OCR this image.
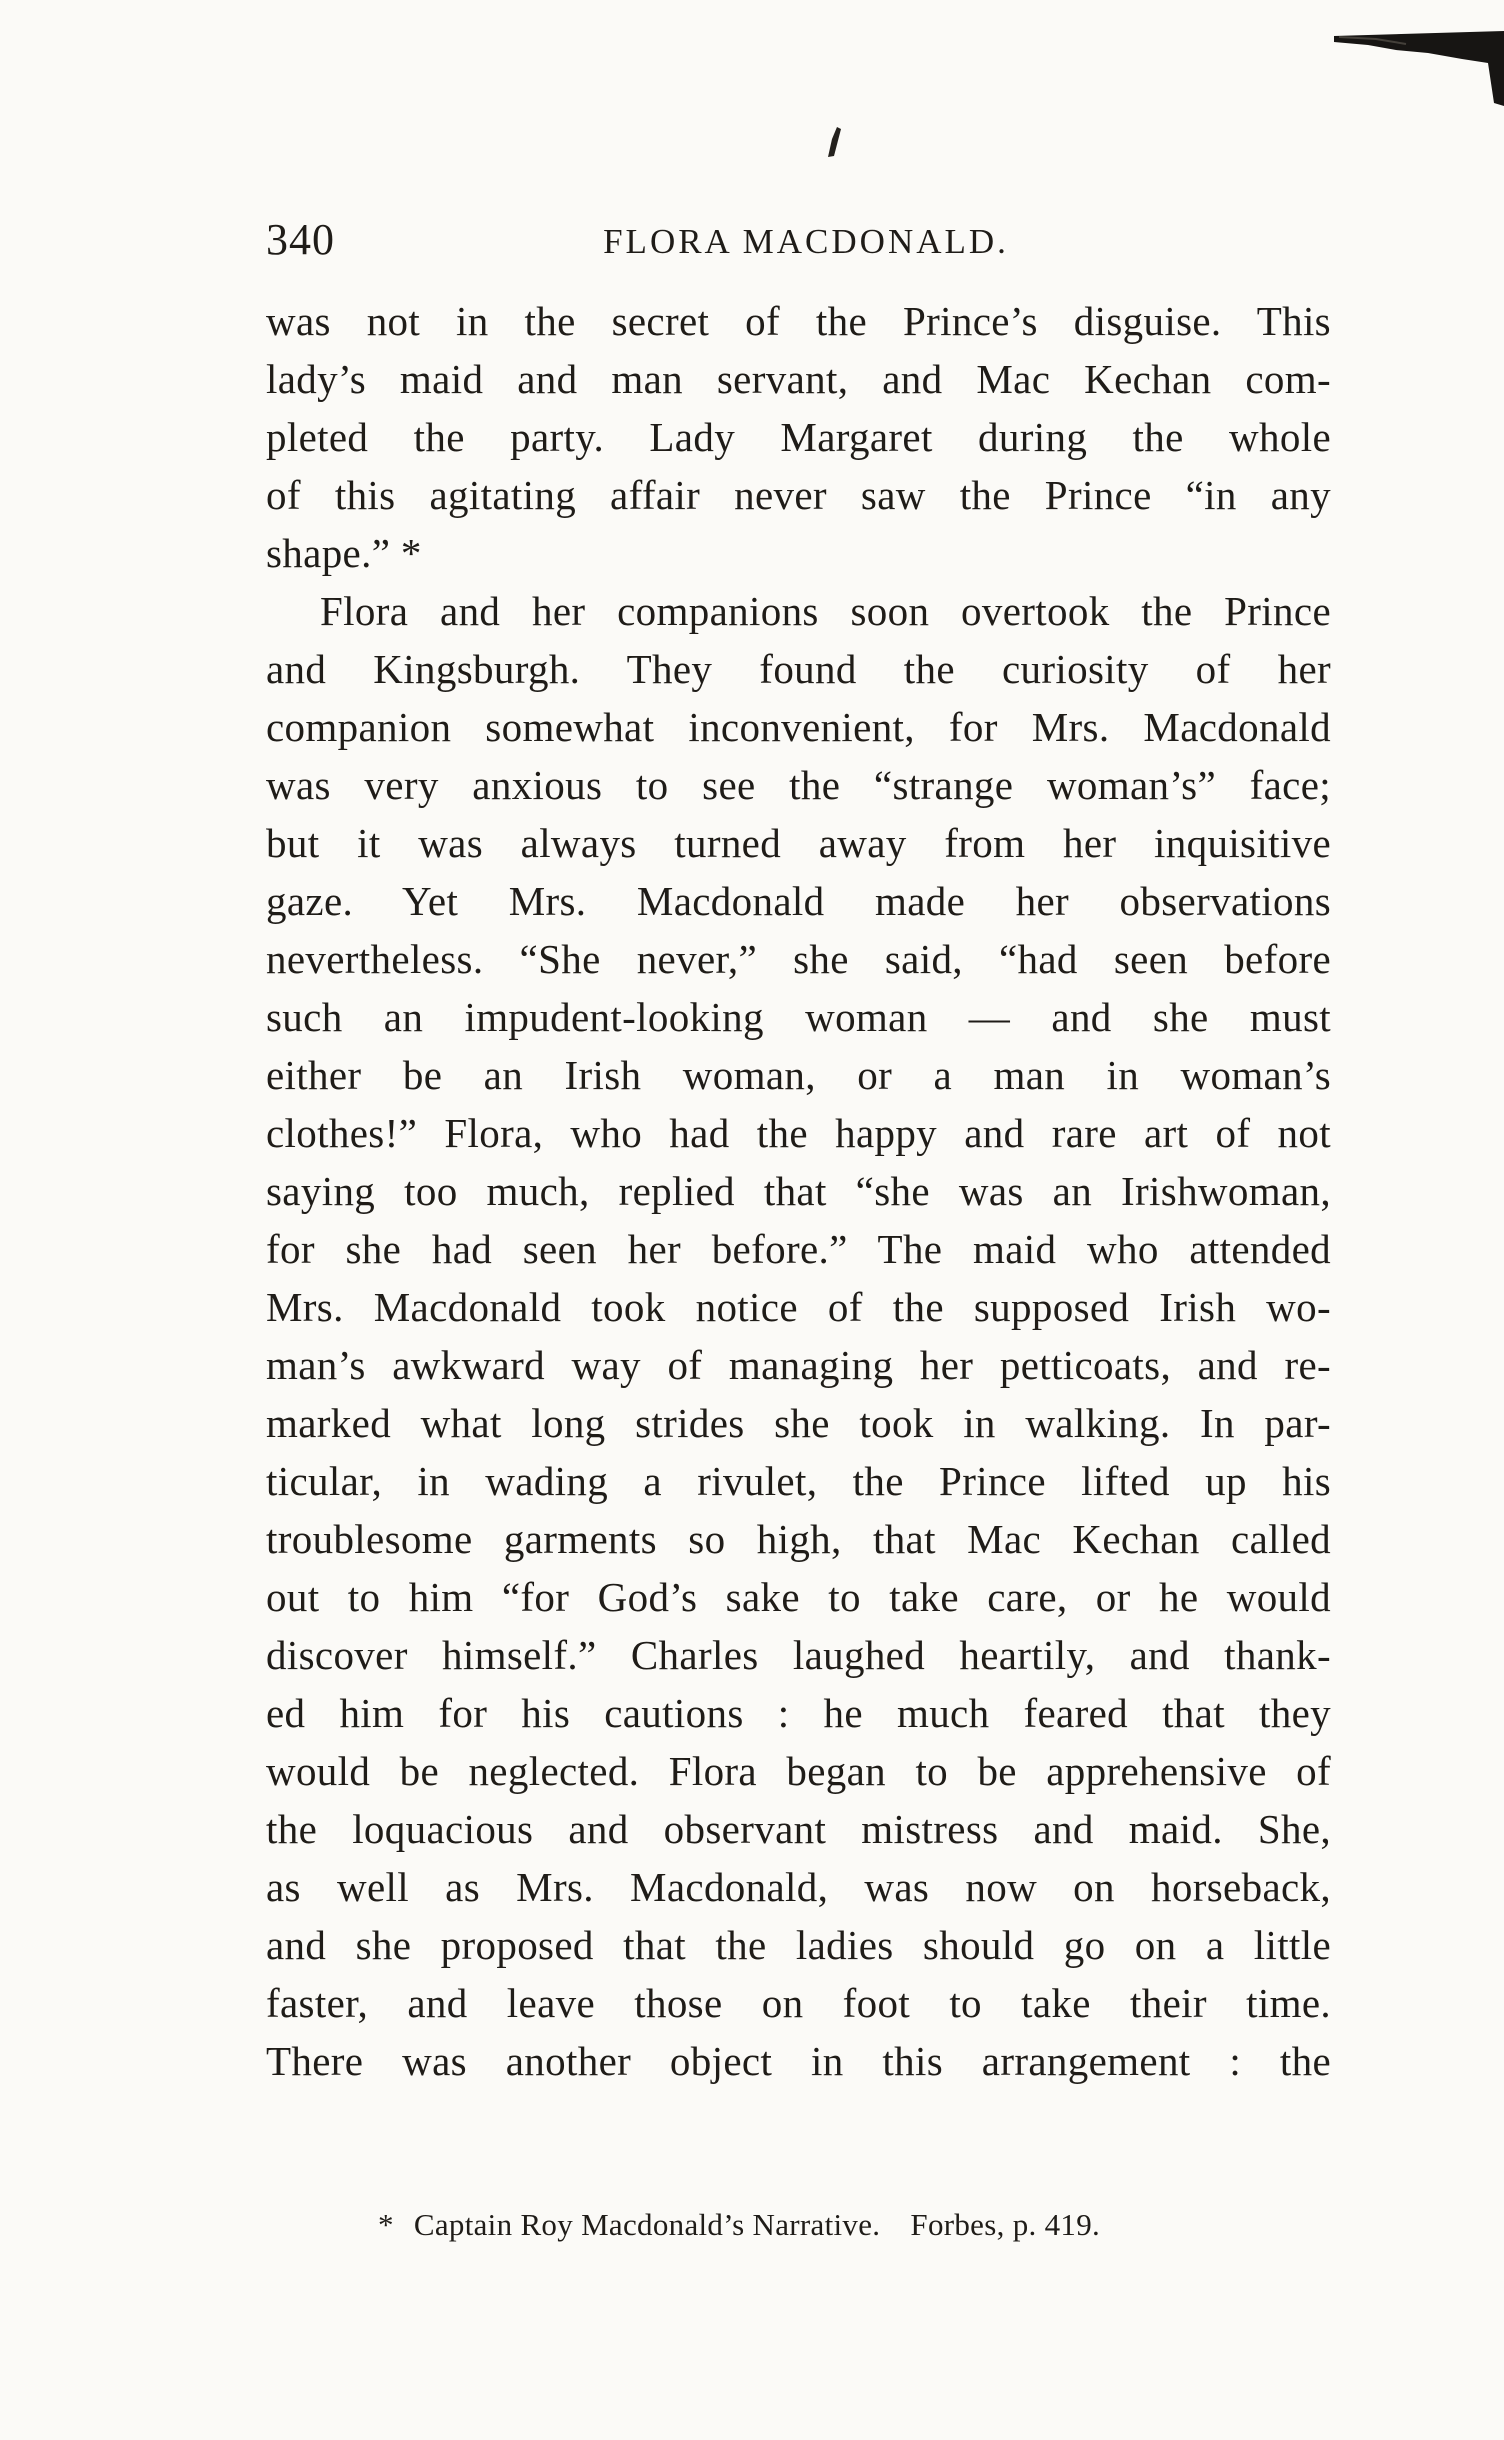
340	FLORA MACDONALD.
was not in the secret of the Prince’s disguise. This
lady’s maid and man servant, and Mac Kechan com-
pleted the party. Lady Margaret during the whole
of this agitating affair never saw the Prince “in any
shape.” *
Flora and her companions soon overtook the Prince
and Kingsburgh. They found the curiosity of her
companion somewhat inconvenient, for Mrs. Macdonald
was very anxious to see the “strange woman’s” face;
but it was always turned away from her inquisitive
gaze. Yet Mrs. Macdonald made her observations
nevertheless. “She never,” she said, “had seen before
such an impudent-looking woman — and she must
either be an Irish woman, or a man in woman’s
clothes!” Flora, who had the happy and rare art of not
saying too much, replied that “she was an Irishwoman,
for she had seen her before.” The maid who attended
Mrs. Macdonald took notice of the supposed Irish wo-
man’s awkward way of managing her petticoats, and re-
marked what long strides she took in walking. In par-
ticular, in wading a rivulet, the Prince lifted up his
troublesome garments so high, that Mac Kechan called
out to him “for God’s sake to take care, or he would
discover himself.” Charles laughed heartily, and thank-
ed him for his cautions : he much feared that they
would be neglected. Flora began to be apprehensive of
the loquacious and observant mistress and maid. She,
as well as Mrs. Macdonald, was now on horseback,
and she proposed that the ladies should go on a little
faster, and leave those on foot to take their time.
There was another object in this arrangement : the
* Captain Roy Macdonald’s Narrative. Forbes, p. 419.
